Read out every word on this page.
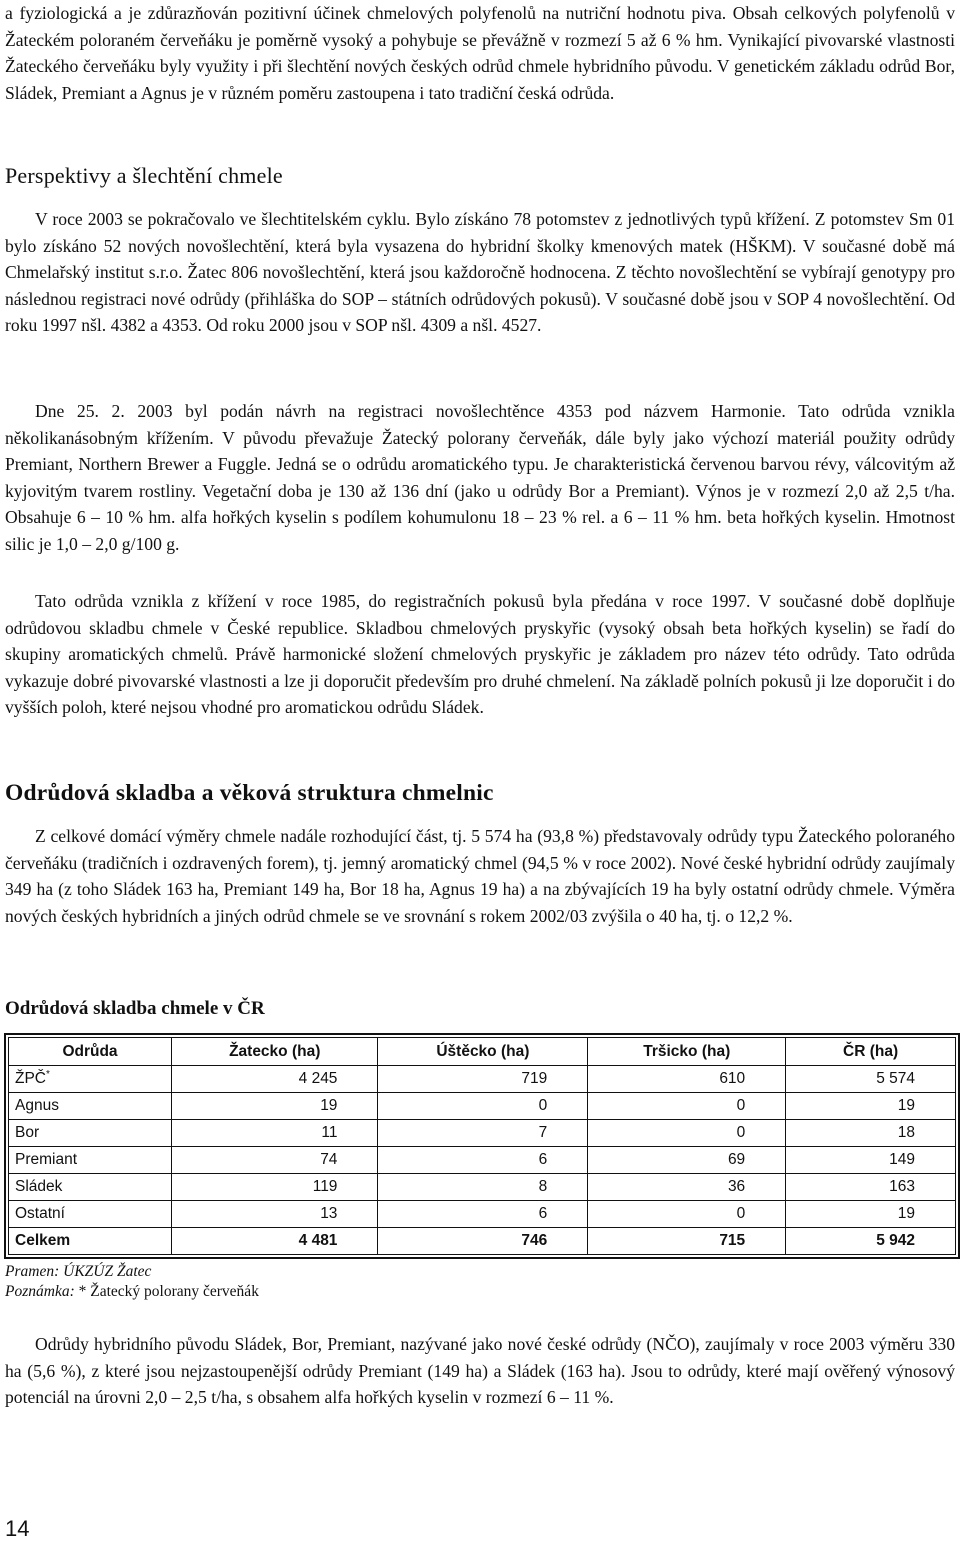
a fyziologická a je zdůrazňován pozitivní účinek chmelových polyfenolů na nutriční hodnotu piva. Obsah celkových polyfenolů v Žateckém poloraném červeňáku je poměrně vysoký a pohybuje se převážně v rozmezí 5 až 6 % hm. Vynikající pivovarské vlastnosti Žateckého červeňáku byly využity i při šlechtění nových českých odrůd chmele hybridního původu. V genetickém základu odrůd Bor, Sládek, Premiant a Agnus je v různém poměru zastoupena i tato tradiční česká odrůda.

Perspektivy a šlechtění chmele

V roce 2003 se pokračovalo ve šlechtitelském cyklu. Bylo získáno 78 potomstev z jednotlivých typů křížení. Z potomstev Sm 01 bylo získáno 52 nových novošlechtění, která byla vysazena do hybridní školky kmenových matek (HŠKM). V současné době má Chmelařský institut s.r.o. Žatec 806 novošlechtění, která jsou každoročně hodnocena. Z těchto novošlechtění se vybírají genotypy pro následnou registraci nové odrůdy (přihláška do SOP – státních odrůdových pokusů). V současné době jsou v SOP 4 novošlechtění. Od roku 1997 nšl. 4382 a 4353. Od roku 2000 jsou v SOP nšl. 4309 a nšl. 4527.

Dne 25. 2. 2003 byl podán návrh na registraci novošlechtěnce 4353 pod názvem Harmonie. Tato odrůda vznikla několikanásobným křížením. V původu převažuje Žatecký polorany červeňák, dále byly jako výchozí materiál použity odrůdy Premiant, Northern Brewer a Fuggle. Jedná se o odrůdu aromatického typu. Je charakteristická červenou barvou révy, válcovitým až kyjovitým tvarem rostliny. Vegetační doba je 130 až 136 dní (jako u odrůdy Bor a Premiant). Výnos je v rozmezí 2,0 až 2,5 t/ha. Obsahuje 6 – 10 % hm. alfa hořkých kyselin s podílem kohumulonu 18 – 23 % rel. a 6 – 11 % hm. beta hořkých kyselin. Hmotnost silic je 1,0 – 2,0 g/100 g.

Tato odrůda vznikla z křížení v roce 1985, do registračních pokusů byla předána v roce 1997. V současné době doplňuje odrůdovou skladbu chmele v České republice. Skladbou chmelových pryskyřic (vysoký obsah beta hořkých kyselin) se řadí do skupiny aromatických chmelů. Právě harmonické složení chmelových pryskyřic je základem pro název této odrůdy. Tato odrůda vykazuje dobré pivovarské vlastnosti a lze ji doporučit především pro druhé chmelení. Na základě polních pokusů ji lze doporučit i do vyšších poloh, které nejsou vhodné pro aromatickou odrůdu Sládek.

Odrůdová skladba a věková struktura chmelnic

Z celkové domácí výměry chmele nadále rozhodující část, tj. 5 574 ha (93,8 %) představovaly odrůdy typu Žateckého poloraného červeňáku (tradičních i ozdravených forem), tj. jemný aromatický chmel (94,5 % v roce 2002). Nové české hybridní odrůdy zaujímaly 349 ha (z toho Sládek 163 ha, Premiant 149 ha, Bor 18 ha, Agnus 19 ha) a na zbývajících 19 ha byly ostatní odrůdy chmele. Výměra nových českých hybridních a jiných odrůd chmele se ve srovnání s rokem 2002/03 zvýšila o 40 ha, tj. o 12,2 %.

Odrůdová skladba chmele v ČR
Odrůda	Žatecko (ha)	Úštěcko (ha)	Tršicko (ha)	ČR (ha)
ŽPČ*	4 245	719	610	5 574
Agnus	19	0	0	19
Bor	11	7	0	18
Premiant	74	6	69	149
Sládek	119	8	36	163
Ostatní	13	6	0	19
Celkem	4 481	746	715	5 942

Pramen: ÚKZÚZ Žatec

Poznámka: * Žatecký polorany červeňák

Odrůdy hybridního původu Sládek, Bor, Premiant, nazývané jako nové české odrůdy (NČO), zaujímaly v roce 2003 výměru 330 ha (5,6 %), z které jsou nejzastoupenější odrůdy Premiant (149 ha) a Sládek (163 ha). Jsou to odrůdy, které mají ověřený výnosový potenciál na úrovni 2,0 – 2,5 t/ha, s obsahem alfa hořkých kyselin v rozmezí 6 – 11 %.

14
